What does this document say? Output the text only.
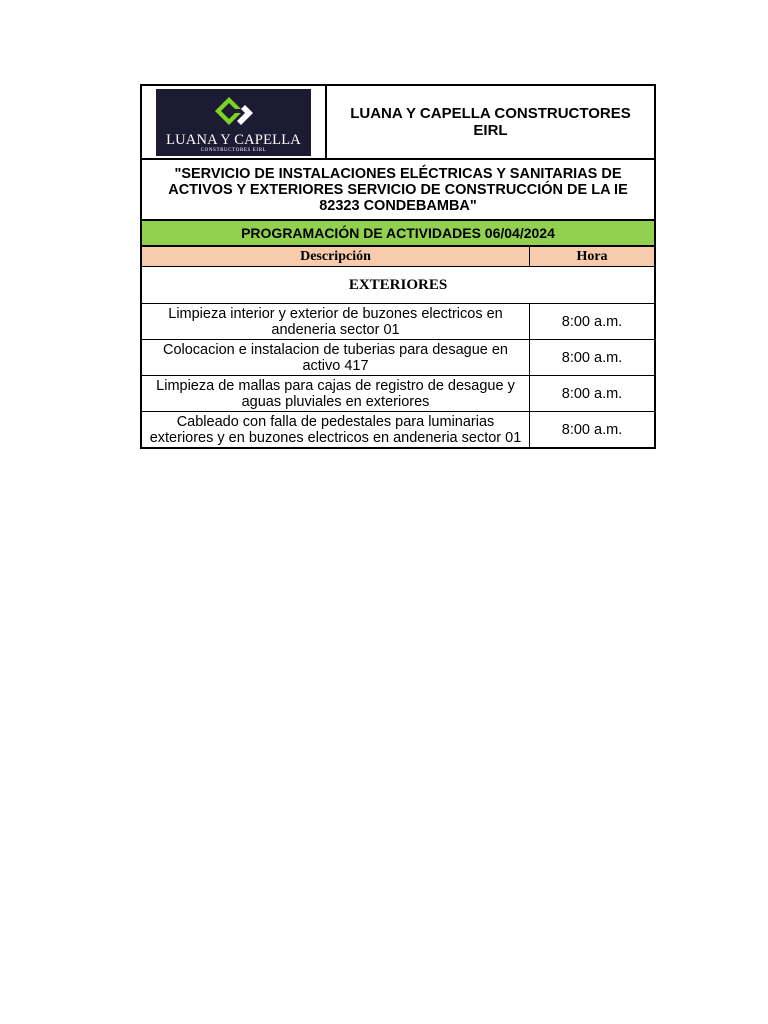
LUANA Y CAPELLA
CONSTRUCTORES EIRL
LUANA Y CAPELLA CONSTRUCTORES EIRL
"SERVICIO DE INSTALACIONES ELÉCTRICAS Y SANITARIAS DE ACTIVOS Y EXTERIORES SERVICIO DE CONSTRUCCIÓN DE LA IE 82323 CONDEBAMBA"
PROGRAMACIÓN DE ACTIVIDADES 06/04/2024
Descripción	Hora
EXTERIORES
Limpieza interior y exterior de buzones electricos en andeneria sector 01	8:00 a.m.
Colocacion e instalacion de tuberias para desague en activo 417	8:00 a.m.
Limpieza de mallas para cajas de registro de desague y aguas pluviales en exteriores	8:00 a.m.
Cableado con falla de pedestales para luminarias exteriores y en buzones electricos en andeneria sector 01	8:00 a.m.
